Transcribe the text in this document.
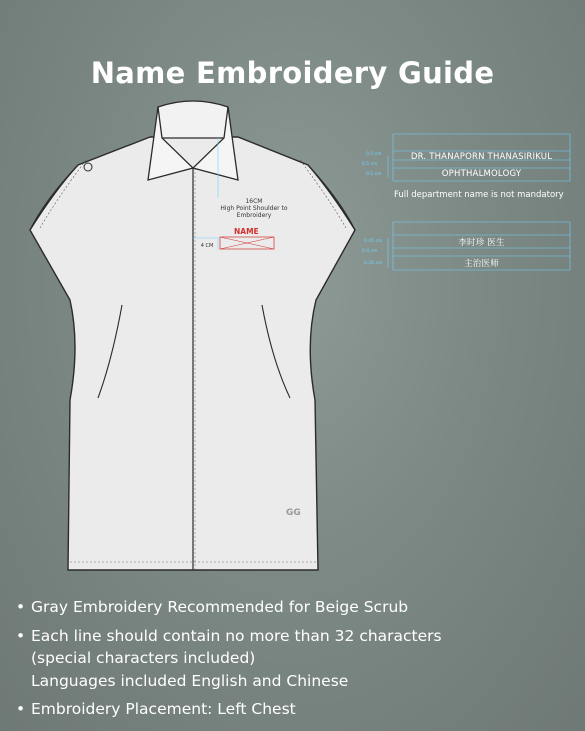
Name Embroidery Guide
16CM
High Point Shoulder to
Embroidery
4 CM
NAME
GG
DR. THANAPORN THANASIRIKUL
OPHTHALMOLOGY
0.5 cm
0.5 cm
0.5 cm
Full department name is not mandatory
李时珍 医生
主治医师
0.45 cm
0.4 cm
0.35 cm
• Gray Embroidery Recommended for Beige Scrub
• Each line should contain no more than 32 characters
(special characters included)
Languages included English and Chinese
• Embroidery Placement: Left Chest
